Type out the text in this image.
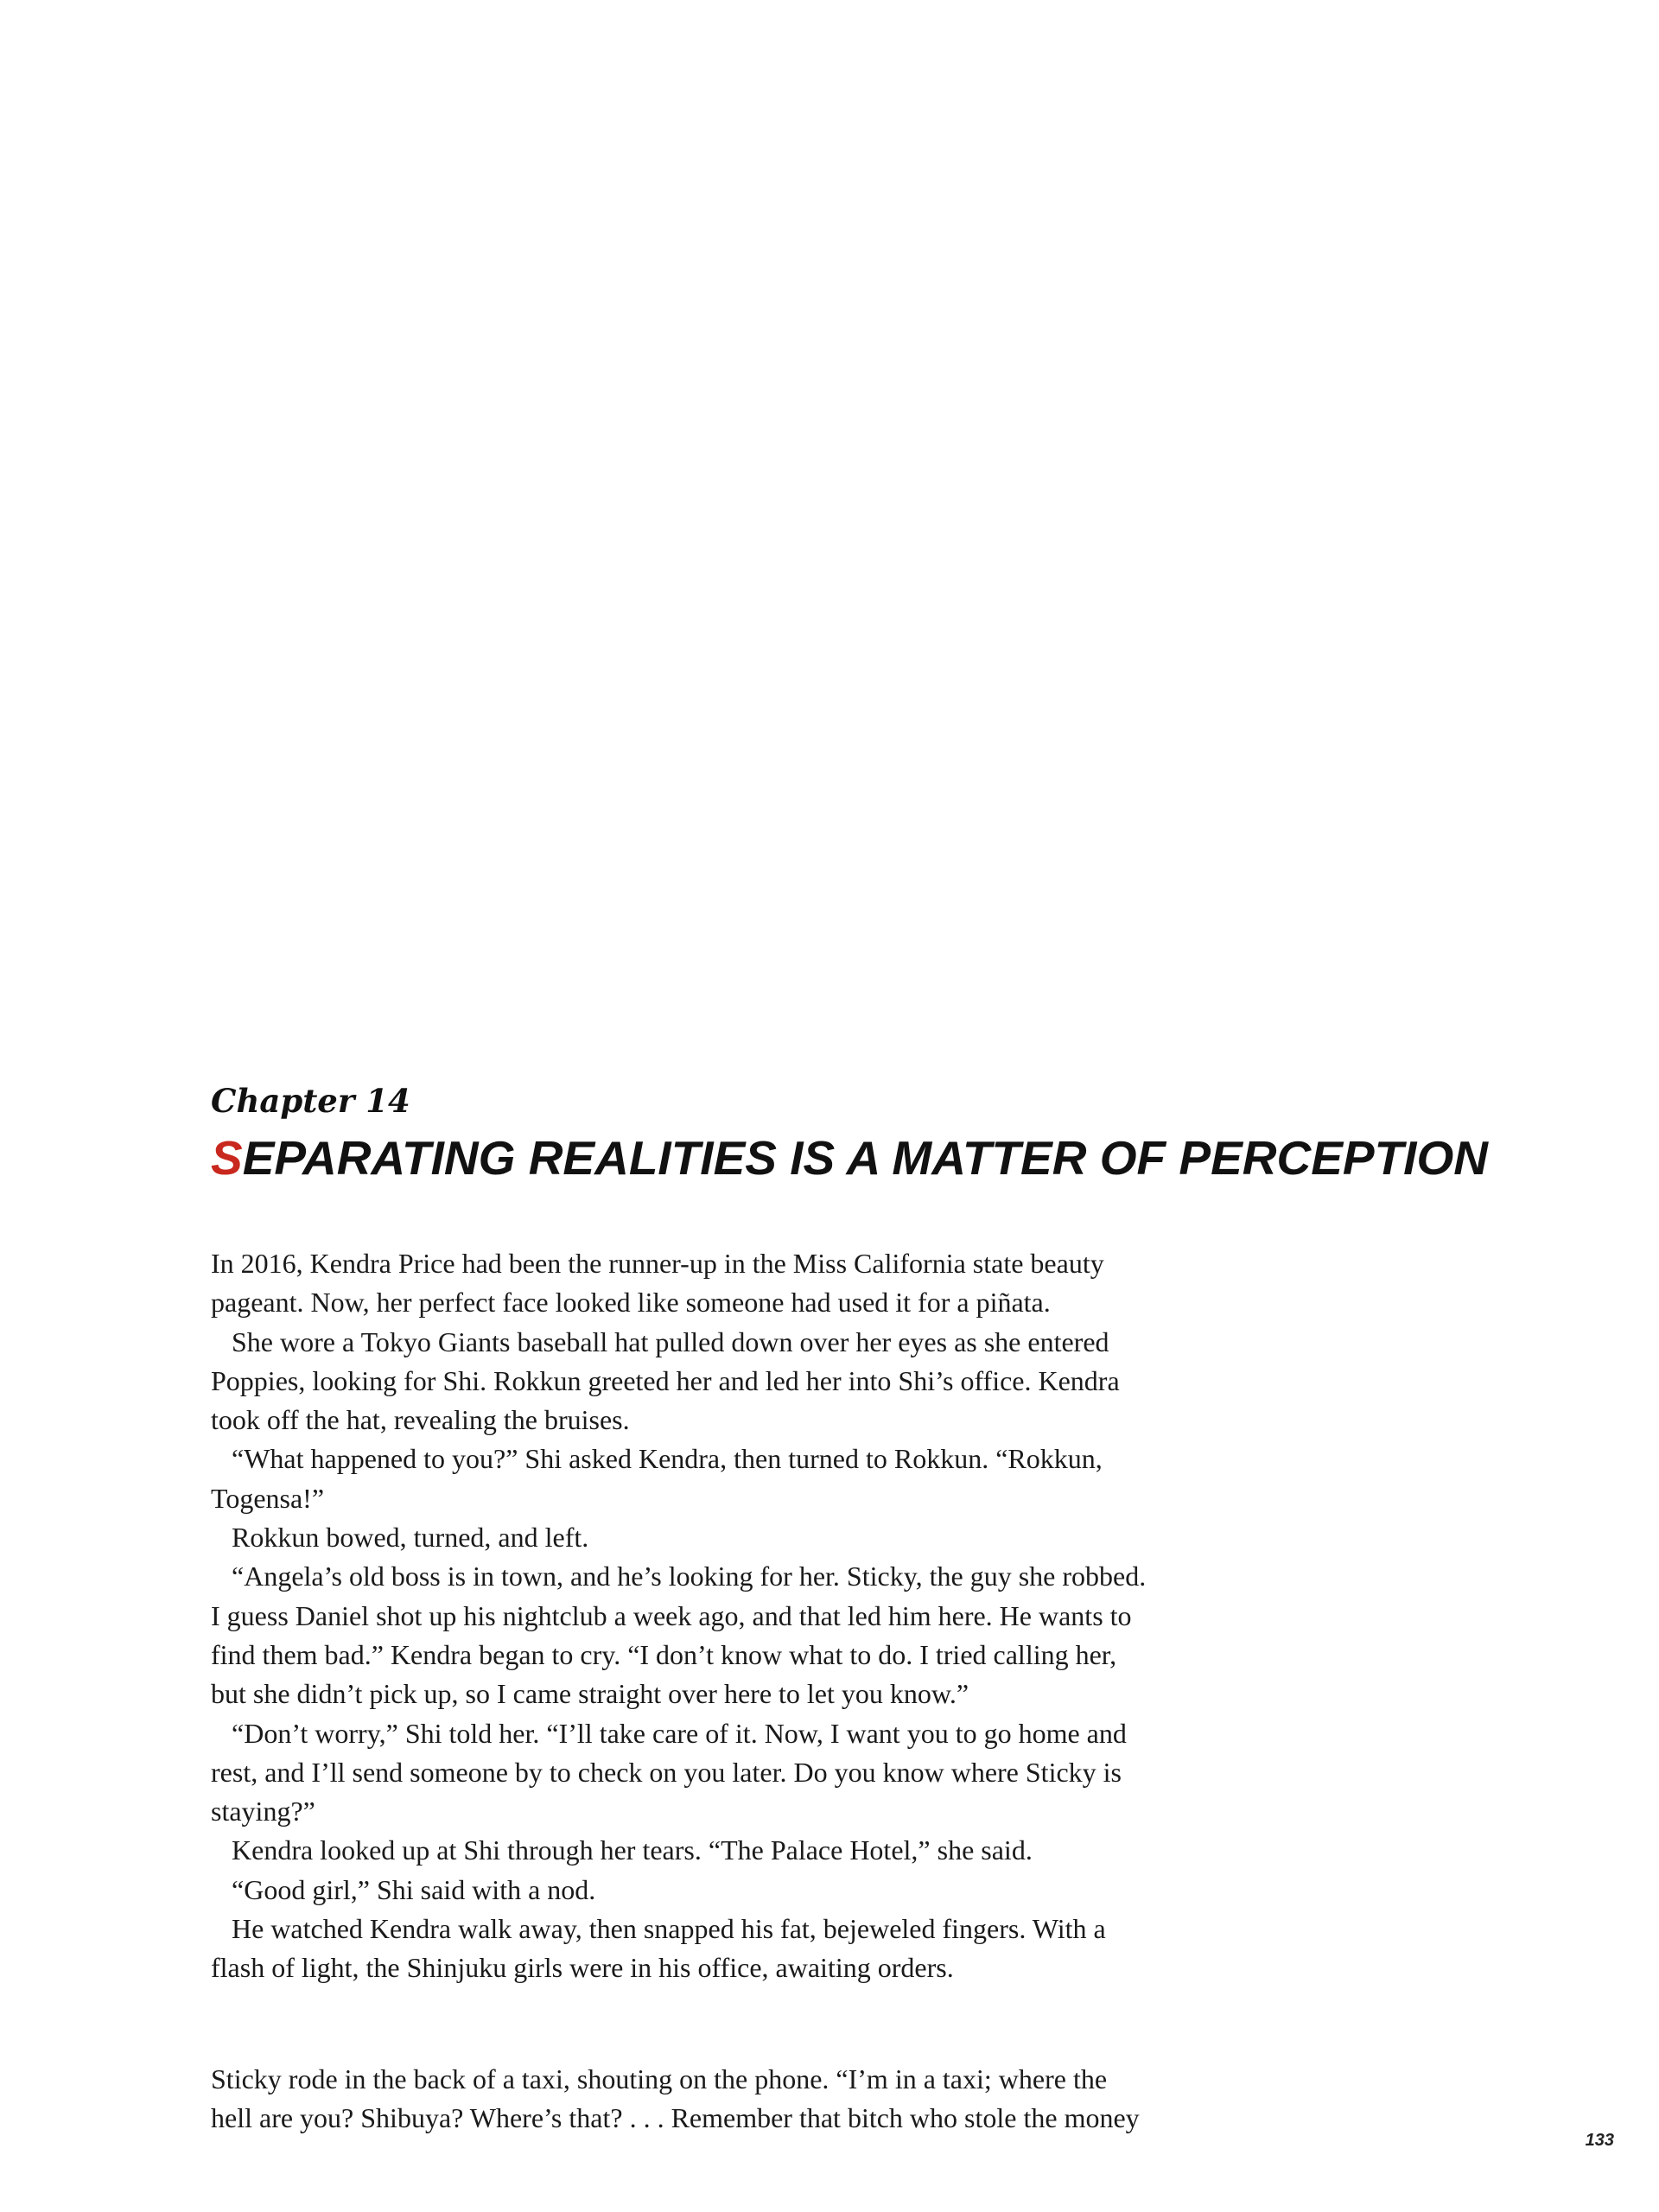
Chapter 14
SEPARATING REALITIES IS A MATTER OF PERCEPTION

In 2016, Kendra Price had been the runner-up in the Miss California state beauty pageant. Now, her perfect face looked like someone had used it for a piñata.

She wore a Tokyo Giants baseball hat pulled down over her eyes as she entered Poppies, looking for Shi. Rokkun greeted her and led her into Shi’s office. Kendra took off the hat, revealing the bruises.

“What happened to you?” Shi asked Kendra, then turned to Rokkun. “Rokkun, Togensa!”

Rokkun bowed, turned, and left.

“Angela’s old boss is in town, and he’s looking for her. Sticky, the guy she robbed. I guess Daniel shot up his nightclub a week ago, and that led him here. He wants to find them bad.” Kendra began to cry. “I don’t know what to do. I tried calling her, but she didn’t pick up, so I came straight over here to let you know.”

“Don’t worry,” Shi told her. “I’ll take care of it. Now, I want you to go home and rest, and I’ll send someone by to check on you later. Do you know where Sticky is staying?”

Kendra looked up at Shi through her tears. “The Palace Hotel,” she said.

“Good girl,” Shi said with a nod.

He watched Kendra walk away, then snapped his fat, bejeweled fingers. With a flash of light, the Shinjuku girls were in his office, awaiting orders.

Sticky rode in the back of a taxi, shouting on the phone. “I’m in a taxi; where the hell are you? Shibuya? Where’s that? . . . Remember that bitch who stole the money

133
